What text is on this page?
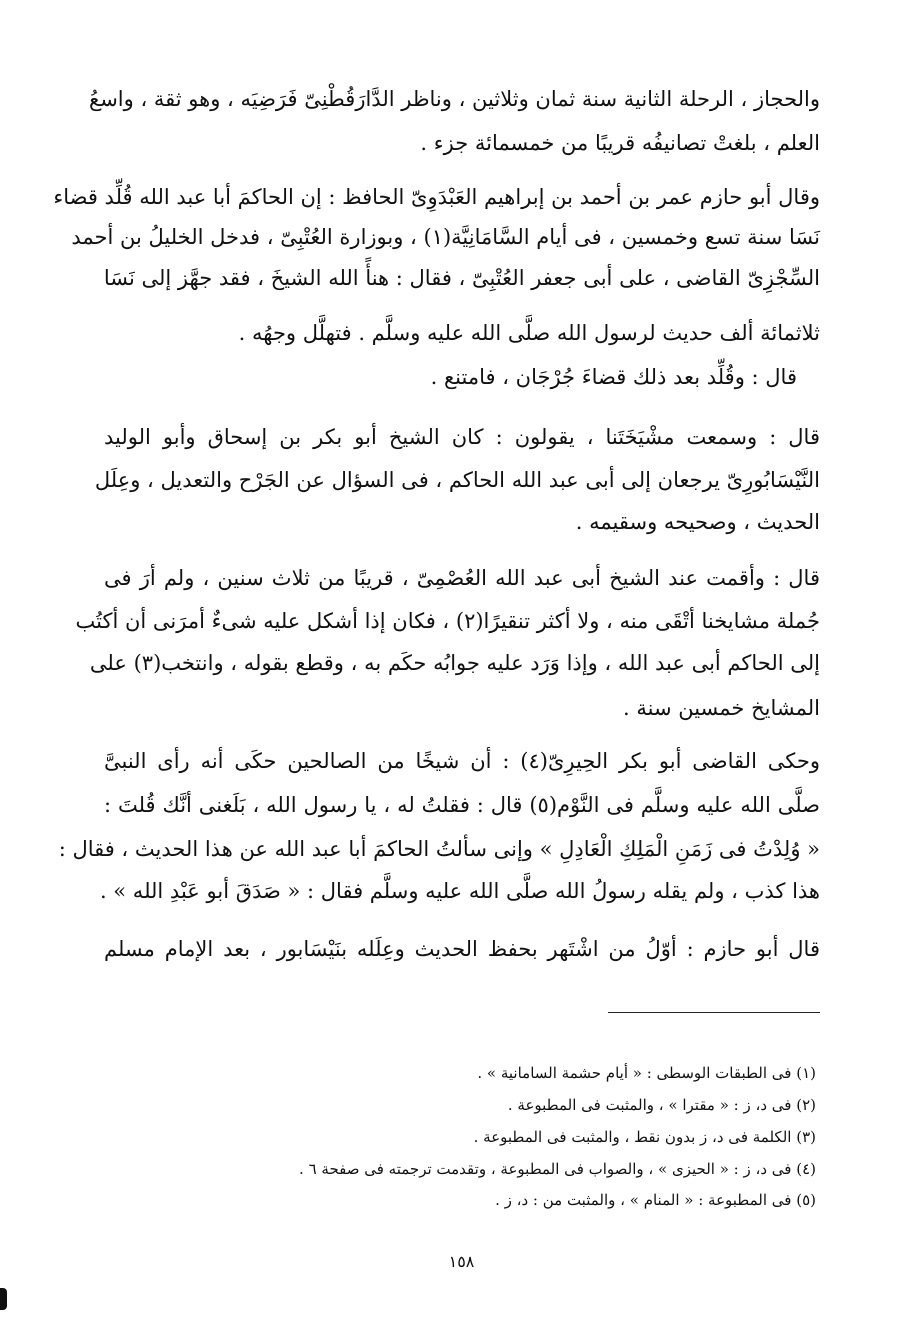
والحجاز ، الرحلة الثانية سنة ثمان وثلاثين ، وناظر الدَّارَقُطْنِىّ فَرَضِيَه ، وهو ثقة ، واسعُ
العلم ، بلغتْ تصانيفُه قريبًا من خمسمائة جزء .
وقال أبو حازم عمر بن أحمد بن إبراهيم العَبْدَوِىّ الحافظ : إن الحاكمَ أبا عبد الله قُلِّد قضاء
نَسَا سنة تسع وخمسين ، فى أيام السَّامَانِيَّة(١) ، وبوزارة العُتْبِىّ ، فدخل الخليلُ بن أحمد
السِّجْزِىّ القاضى ، على أبى جعفر العُتْبِىّ ، فقال : هنأً الله الشيخَ ، فقد جهَّز إلى نَسَا
ثلاثمائة ألف حديث لرسول الله صلَّى الله عليه وسلَّم . فتهلَّل وجهُه .
قال : وقُلِّد بعد ذلك قضاءَ جُرْجَان ، فامتنع .
قال : وسمعت مشْيَخَتَنا ، يقولون : كان الشيخ أبو بكر بن إسحاق وأبو الوليد
النَّيْسَابُورِىّ يرجعان إلى أبى عبد الله الحاكم ، فى السؤال عن الجَرْح والتعديل ، وعِلَل
الحديث ، وصحيحه وسقيمه .
قال : وأقمت عند الشيخ أبى عبد الله العُصْمِىّ ، قريبًا من ثلاث سنين ، ولم أرَ فى
جُملة مشايخنا أتْقَى منه ، ولا أكثر تنقيرًا(٢) ، فكان إذا أشكل عليه شىءٌ أمرَنى أن أكتُب
إلى الحاكم أبى عبد الله ، وإذا وَرَد عليه جوابُه حكَم به ، وقطع بقوله ، وانتخب(٣) على
المشايخ خمسين سنة .
وحكى القاضى أبو بكر الحِيرِىّ(٤) : أن شيخًا من الصالحين حكَى أنه رأى النبىَّ
صلَّى الله عليه وسلَّم فى النَّوْم(٥) قال : فقلتُ له ، يا رسول الله ، بَلَغنى أنَّك قُلتَ :
« وُلِدْتُ فى زَمَنِ الْمَلِكِ الْعَادِلِ » وإنى سألتُ الحاكمَ أبا عبد الله عن هذا الحديث ، فقال :
هذا كذب ، ولم يقله رسولُ الله صلَّى الله عليه وسلَّم فقال : « صَدَقَ أبو عَبْدِ الله » .
قال أبو حازم : أوّلُ من اشْتَهر بحفظ الحديث وعِلَله بنَيْسَابور ، بعد الإمام مسلم
(١) فى الطبقات الوسطى : « أيام حشمة السامانية » .
(٢) فى د، ز : « مقترا » ، والمثبت فى المطبوعة .
(٣) الكلمة فى د، ز بدون نقط ، والمثبت فى المطبوعة .
(٤) فى د، ز : « الحيزى » ، والصواب فى المطبوعة ، وتقدمت ترجمته فى صفحة ٦ .
(٥) فى المطبوعة : « المنام » ، والمثبت من : د، ز .
١٥٨
